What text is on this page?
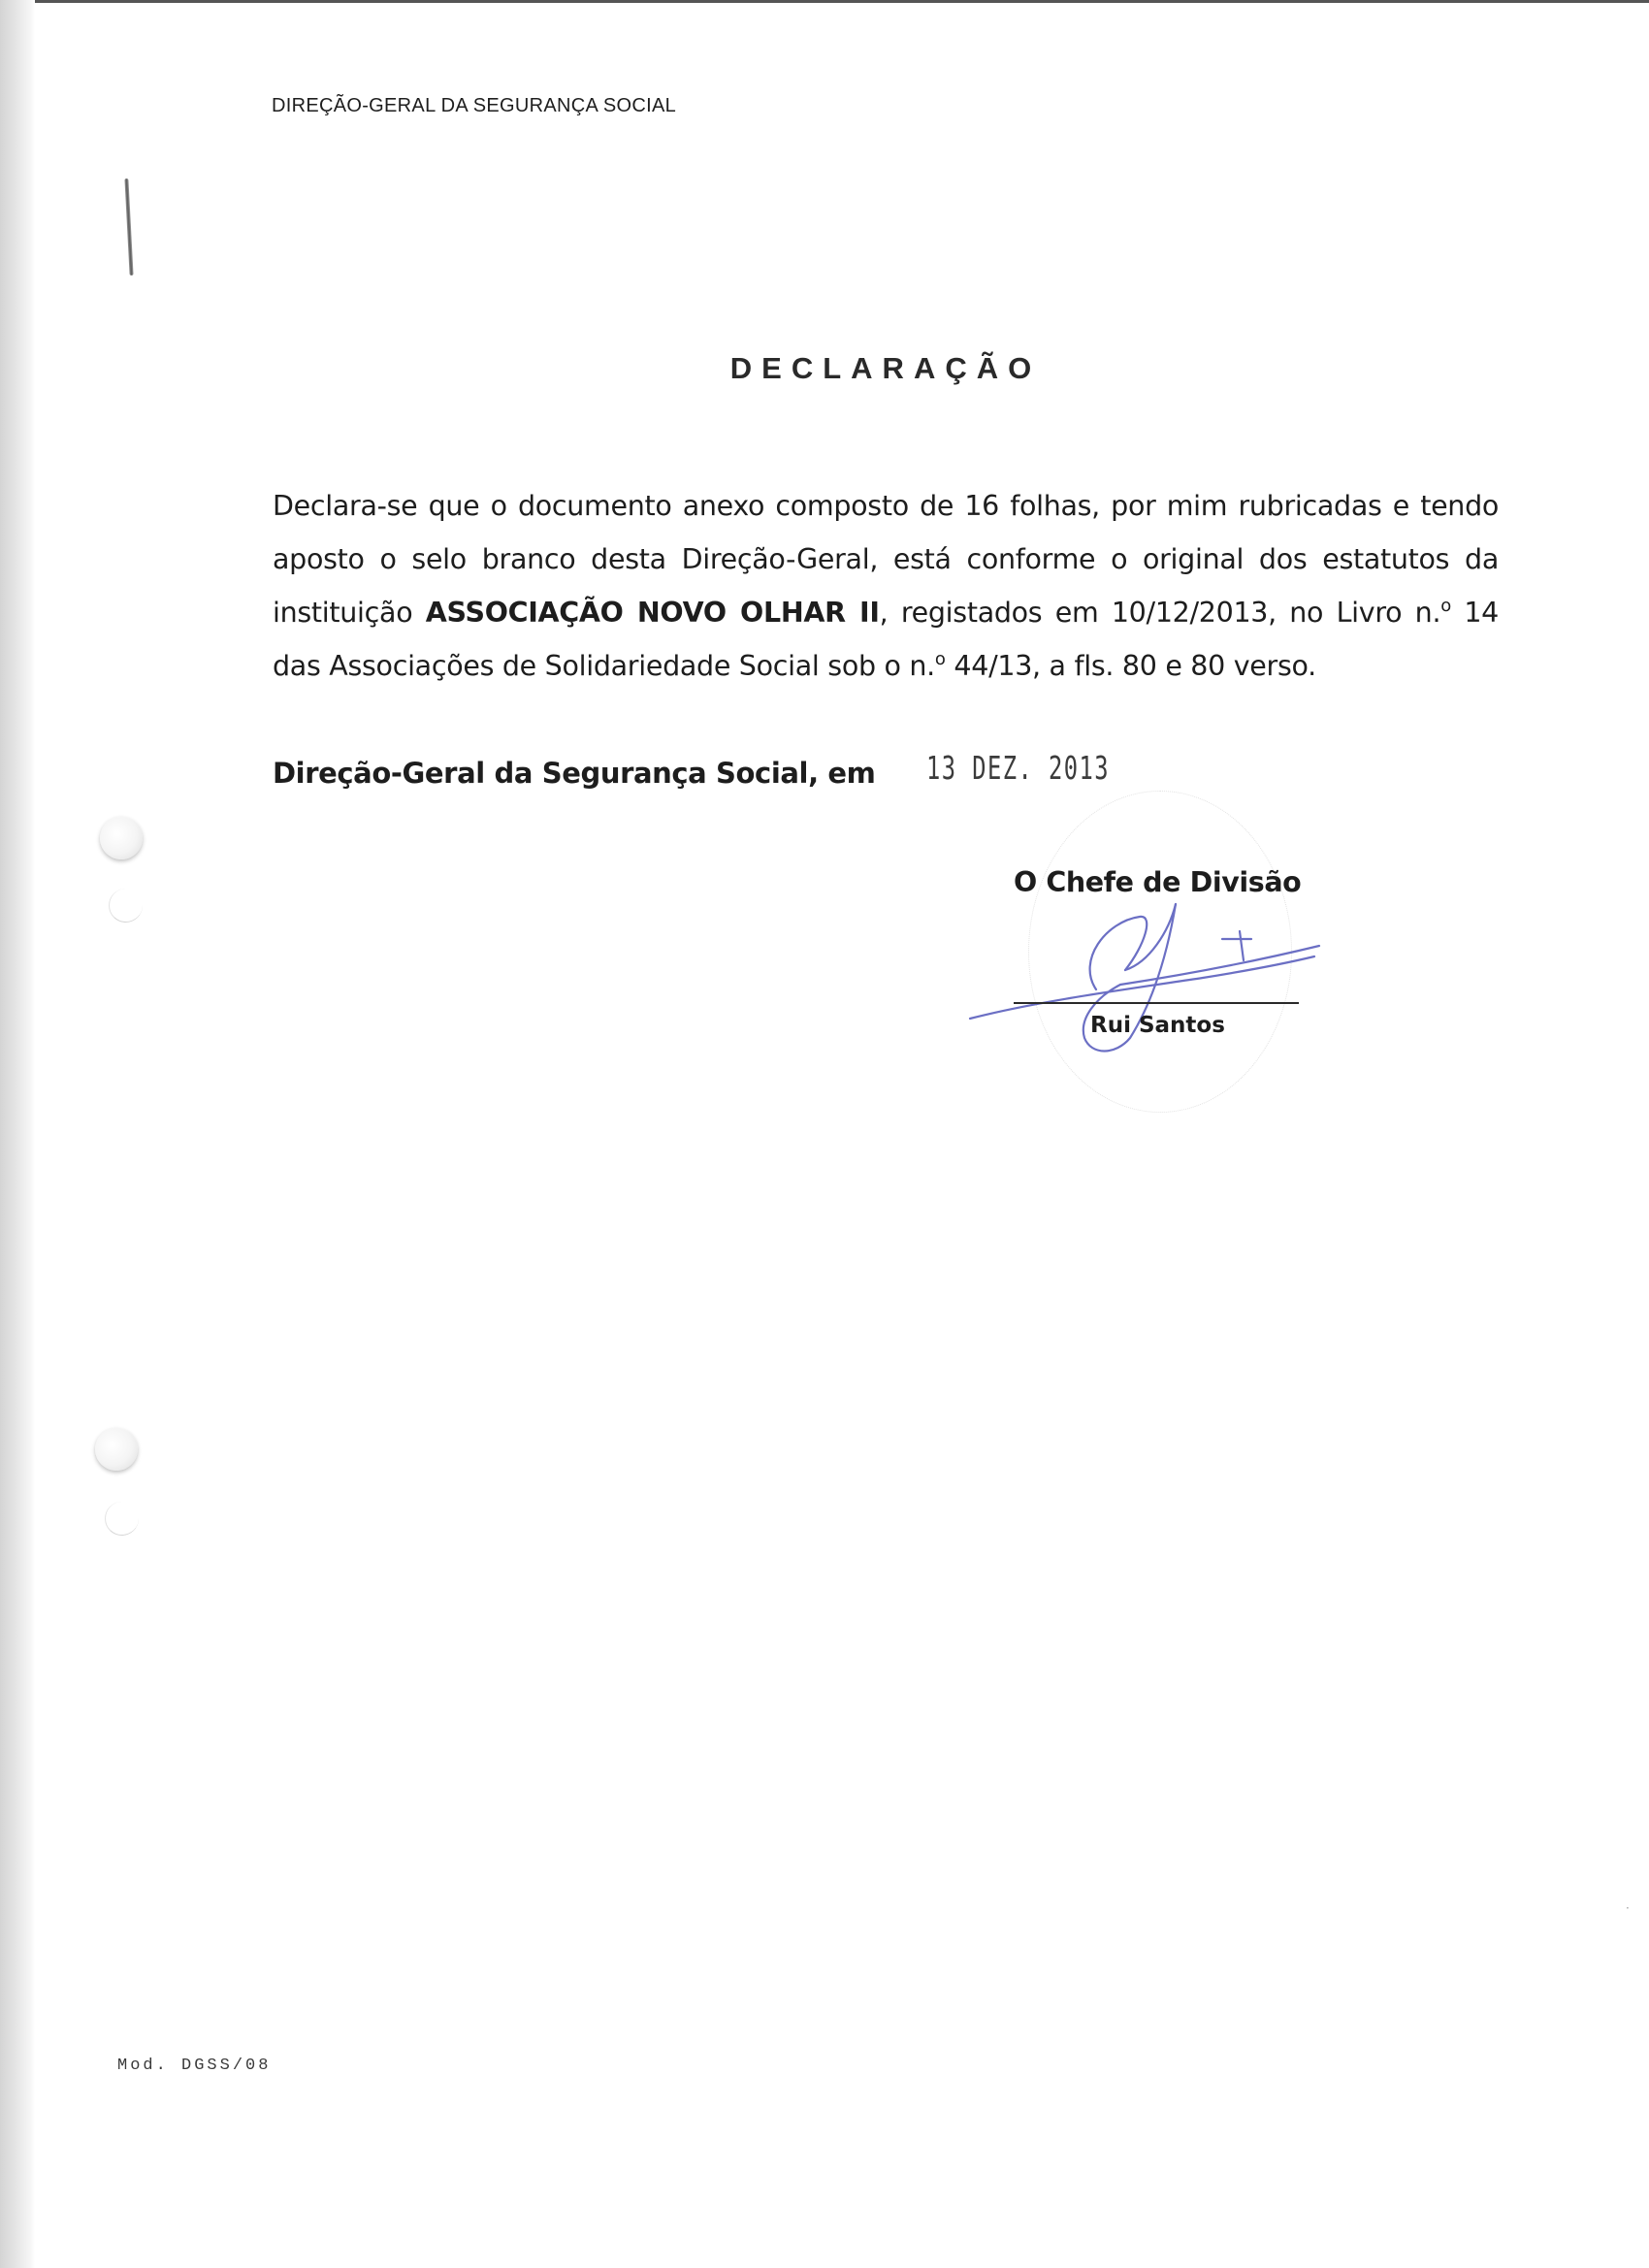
DIREÇÃO-GERAL DA SEGURANÇA SOCIAL
DECLARAÇÃO
Declara-se que o documento anexo composto de 16 folhas, por mim rubricadas e tendo aposto o selo branco desta Direção-Geral, está conforme o original dos estatutos da instituição ASSOCIAÇÃO NOVO OLHAR II, registados em 10/12/2013, no Livro n.$^o$ 14 das Associações de Solidariedade Social sob o n.$^o$ 44/13, a fls. 80 e 80 verso.
Direção-Geral da Segurança Social, em 13 DEZ. 2013
O Chefe de Divisão
Rui Santos
Mod. DGSS/08
·
